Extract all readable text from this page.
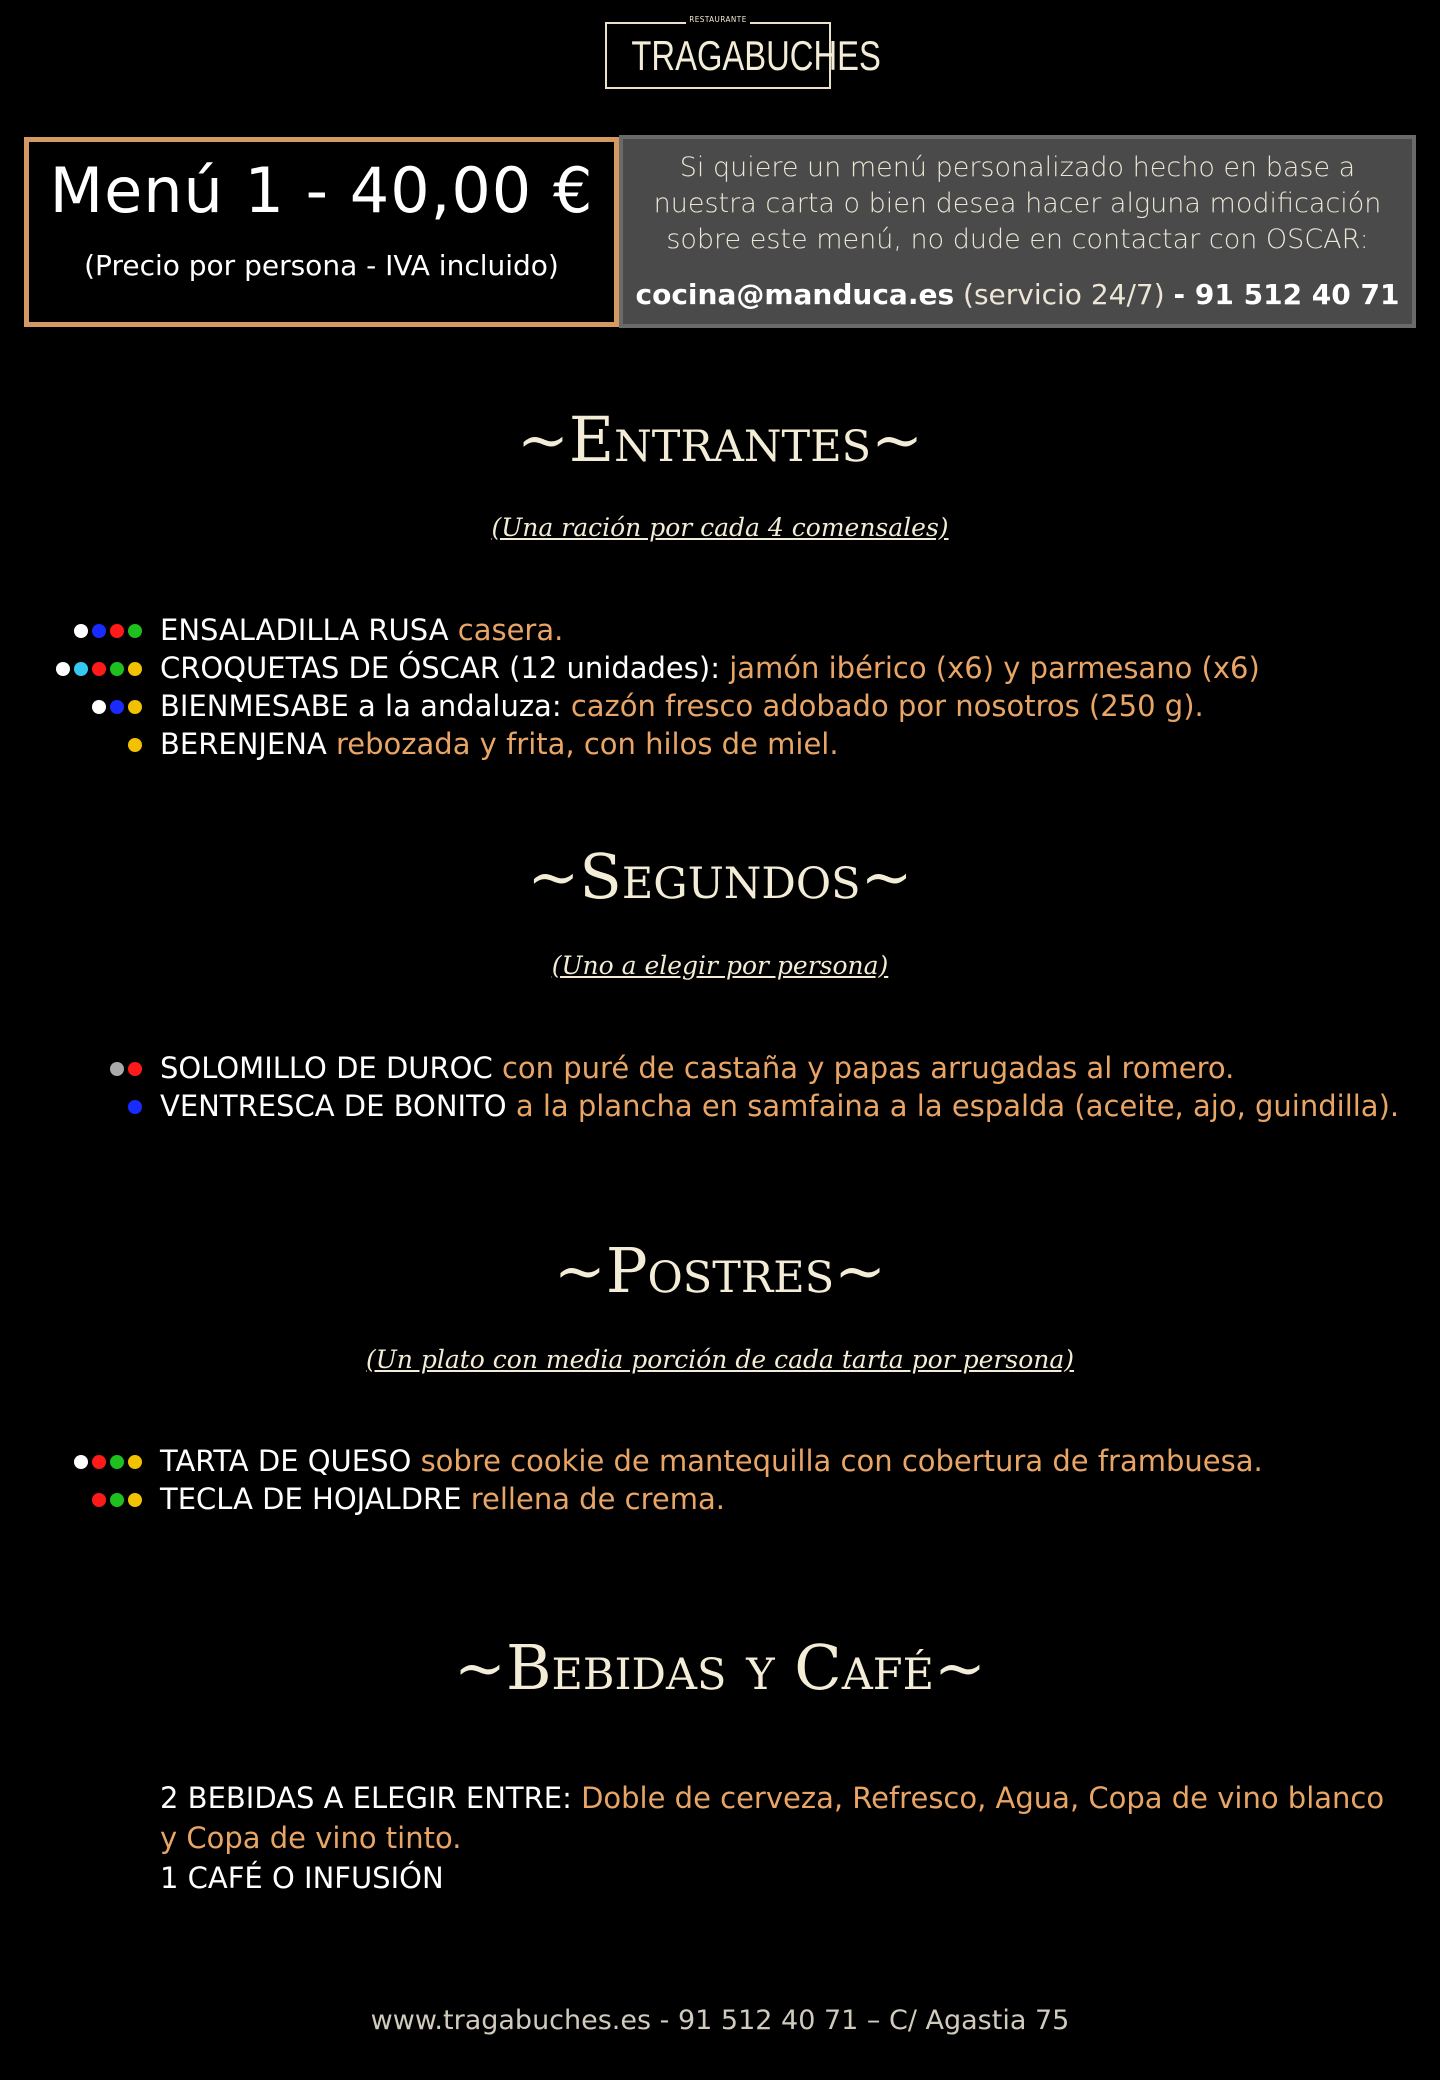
RESTAURANTE
TRAGABUCHES
Menú 1 - 40,00 €
(Precio por persona - IVA incluido)
Si quiere un menú personalizado hecho en base a nuestra carta o bien desea hacer alguna modificación sobre este menú, no dude en contactar con OSCAR:
cocina@manduca.es (servicio 24/7) - 91 512 40 71
~Entrantes~
(Una ración por cada 4 comensales)
~Segundos~
(Uno a elegir por persona)
~Postres~
(Un plato con media porción de cada tarta por persona)
~Bebidas y Café~
ENSALADILLA RUSA casera.
CROQUETAS DE ÓSCAR (12 unidades): jamón ibérico (x6) y parmesano (x6)
BIENMESABE a la andaluza: cazón fresco adobado por nosotros (250 g).
BERENJENA rebozada y frita, con hilos de miel.
SOLOMILLO DE DUROC con puré de castaña y papas arrugadas al romero.
VENTRESCA DE BONITO a la plancha en samfaina a la espalda (aceite, ajo, guindilla).
TARTA DE QUESO sobre cookie de mantequilla con cobertura de frambuesa.
TECLA DE HOJALDRE rellena de crema.
2 BEBIDAS A ELEGIR ENTRE: Doble de cerveza, Refresco, Agua, Copa de vino blanco y Copa de vino tinto.
1 CAFÉ O INFUSIÓN
www.tragabuches.es - 91 512 40 71 – C/ Agastia 75
